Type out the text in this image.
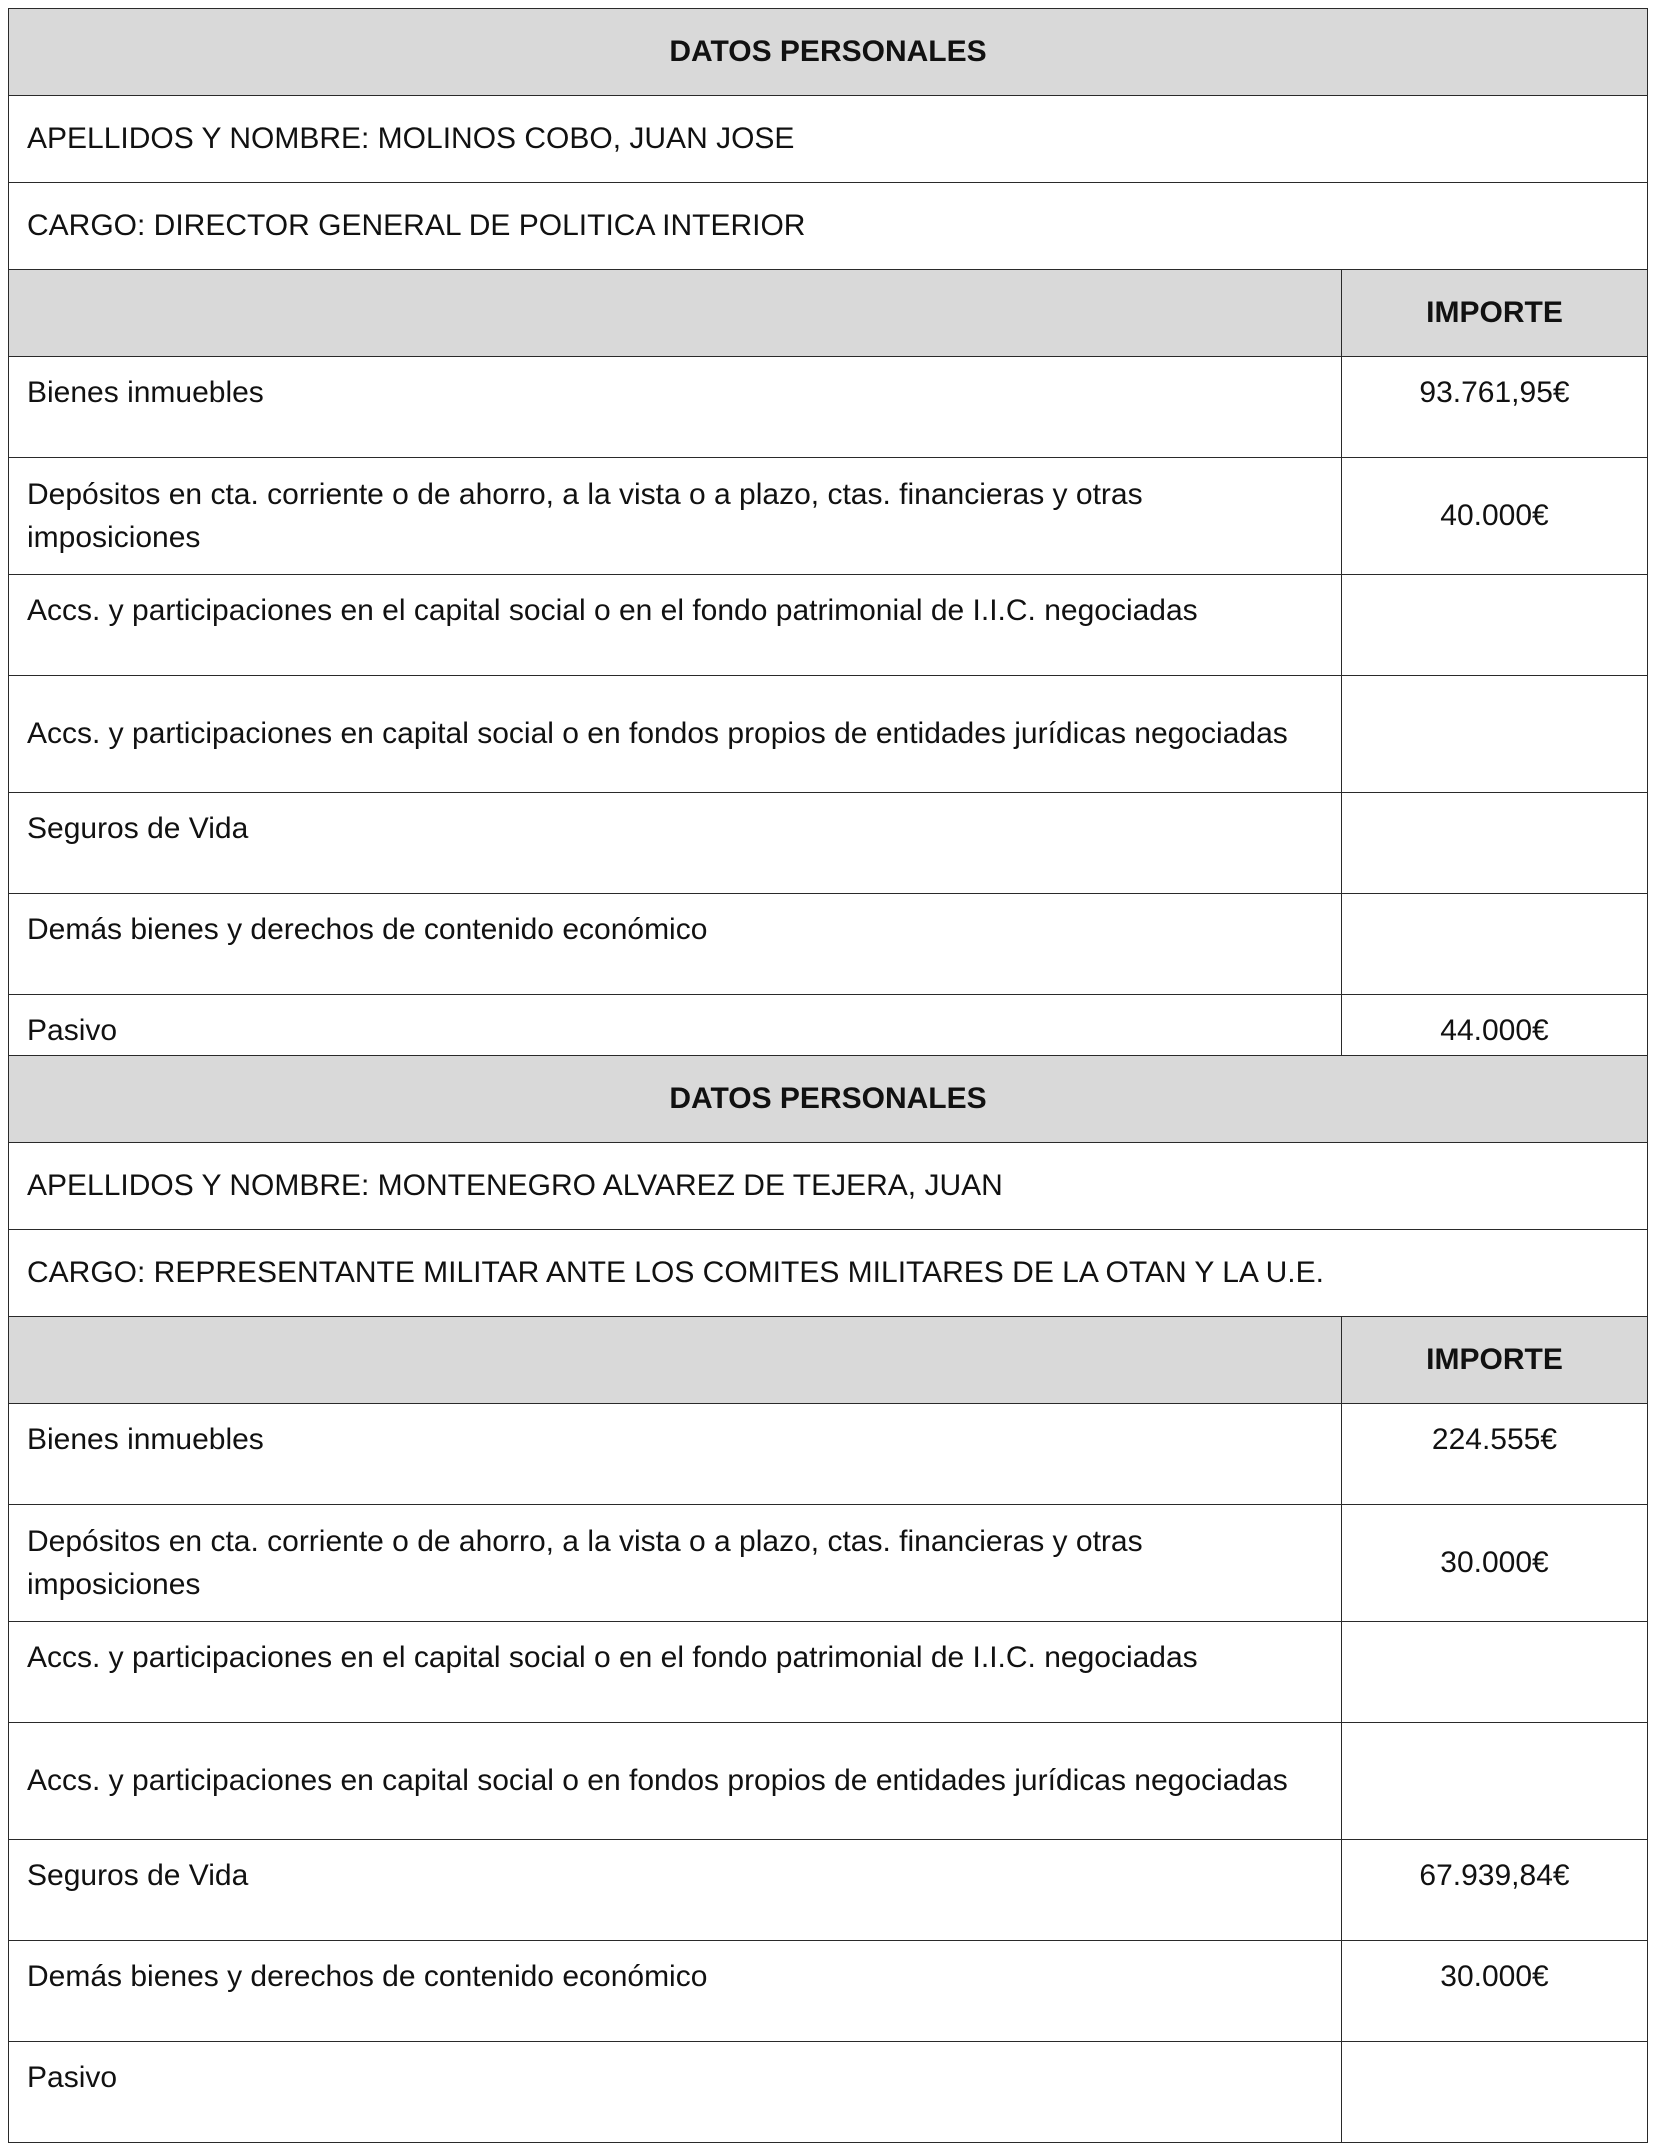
DATOS PERSONALES	
APELLIDOS Y NOMBRE: MOLINOS COBO, JUAN JOSE	
CARGO: DIRECTOR GENERAL DE POLITICA INTERIOR	
	IMPORTE
Bienes inmuebles	93.761,95€
Depósitos en cta. corriente o de ahorro, a la vista o a plazo, ctas. financieras y otras imposiciones	40.000€
Accs. y participaciones en el capital social o en el fondo patrimonial de I.I.C. negociadas	
Accs. y participaciones en capital social o en fondos propios de entidades jurídicas negociadas	
Seguros de Vida	
Demás bienes y derechos de contenido económico	
Pasivo	44.000€
DATOS PERSONALES	
APELLIDOS Y NOMBRE: MONTENEGRO ALVAREZ DE TEJERA, JUAN	
CARGO: REPRESENTANTE MILITAR ANTE LOS COMITES MILITARES DE LA OTAN Y LA U.E.	
	IMPORTE
Bienes inmuebles	224.555€
Depósitos en cta. corriente o de ahorro, a la vista o a plazo, ctas. financieras y otras imposiciones	30.000€
Accs. y participaciones en el capital social o en el fondo patrimonial de I.I.C. negociadas	
Accs. y participaciones en capital social o en fondos propios de entidades jurídicas negociadas	
Seguros de Vida	67.939,84€
Demás bienes y derechos de contenido económico	30.000€
Pasivo	
